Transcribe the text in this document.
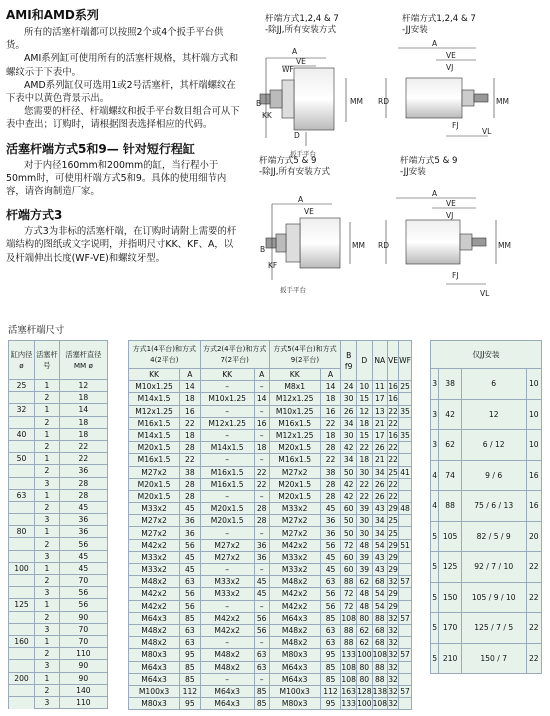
AMI和AMD系列

所有的活塞杆端都可以按照2个或4个扳手平台供货。

AMI系列缸可使用所有的活塞杆规格，其杆端方式和螺纹示于下表中。

AMD系列缸仅可选用1或2号活塞杆，其杆端螺纹在下表中以黄色背景示出。

您需要的杆径、杆端螺纹和扳手平台数目组合可从下表中查出；订购时，请根据图表选择相应的代码。

活塞杆端方式5和9— 针对短行程缸

对于内径160mm和200mm的缸，当行程小于50mm时，可使用杆端方式5和9。具体的使用细节内容，请咨询制造厂家。

杆端方式3

方式3为非标的活塞杆端，在订购时请附上需要的杆端结构的图纸或文字说明，并指明尺寸KK、KF、A，以及杆端伸出长度(WF-VE)和螺纹牙型。

杆端方式1,2,4 & 7
-除JJ,所有安装方式
杆端方式1,2,4 & 7
-JJ安装
杆端方式5 & 9
-除JJ,所有安装方式
杆端方式5 & 9
-JJ安装
A
VE
WF
B
KK
MM
D
扳手平台
A
VE
VJ
RD	MM
FJ
VL
A
VE
B
KF
MM
扳手平台
A
VE
VJ
RD	MM
FJ
VL
活塞杆端尺寸
缸内径 ø	活塞杆号	活塞杆直径 MM ø
25	1	12
	2	18
32	1	14
	2	18
40	1	18
	2	22
50	1	22
	2	36
	3	28
63	1	28
	2	45
	3	36
80	1	36
	2	56
	3	45
100	1	45
	2	70
	3	56
125	1	56
	2	90
	3	70
160	1	70
	2	110
	3	90
200	1	90
	2	140
	3	110
方式1(4平台)和方式4(2平台)		方式2(4平台)和方式7(2平台)		方式5(4平台)和方式9(2平台)		B f9	D	NA	VE	WF
KK	A	KK	A	KK	A					
M10x1.25	14	–	–	M8x1	14	24	10	11	16	25
M14x1.5	18	M10x1.25	14	M12x1.25	18	30	15	17	16	
M12x1.25	16	–	–	M10x1.25	16	26	12	13	22	35
M16x1.5	22	M12x1.25	16	M16x1.5	22	34	18	21	22	
M14x1.5	18	–	–	M12x1.25	18	30	15	17	16	35
M20x1.5	28	M14x1.5	18	M20x1.5	28	42	22	26	22	
M16x1.5	22	–	–	M16x1.5	22	34	18	21	22	
M27x2	38	M16x1.5	22	M27x2	38	50	30	34	25	41
M20x1.5	28	M16x1.5	22	M20x1.5	28	42	22	26	22	
M20x1.5	28	–	–	M20x1.5	28	42	22	26	22	
M33x2	45	M20x1.5	28	M33x2	45	60	39	43	29	48
M27x2	36	M20x1.5	28	M27x2	36	50	30	34	25	
M27x2	36	–	–	M27x2	36	50	30	34	25	
M42x2	56	M27x2	36	M42x2	56	72	48	54	29	51
M33x2	45	M27x2	36	M33x2	45	60	39	43	29	
M33x2	45	–	–	M33x2	45	60	39	43	29	
M48x2	63	M33x2	45	M48x2	63	88	62	68	32	57
M42x2	56	M33x2	45	M42x2	56	72	48	54	29	
M42x2	56	–	–	M42x2	56	72	48	54	29	
M64x3	85	M42x2	56	M64x3	85	108	80	88	32	57
M48x2	63	M42x2	56	M48x2	63	88	62	68	32	
M48x2	63	–	–	M48x2	63	88	62	68	32	
M80x3	95	M48x2	63	M80x3	95	133	100	108	32	57
M64x3	85	M48x2	63	M64x3	85	108	80	88	32	
M64x3	85	–	–	M64x3	85	108	80	88	32	
M100x3	112	M64x3	85	M100x3	112	163	128	138	32	57
M80x3	95	M64x3	85	M80x3	95	133	100	108	32	
仅JJ安装			
3	38	6	10
3	42	12	10
3	62	6 / 12	10
4	74	9 / 6	16
4	88	75 / 6 / 13	16
5	105	82 / 5 / 9	20
5	125	92 / 7 / 10	22
5	150	105 / 9 / 10	22
5	170	125 / 7 / 5	22
5	210	150 / 7	22
